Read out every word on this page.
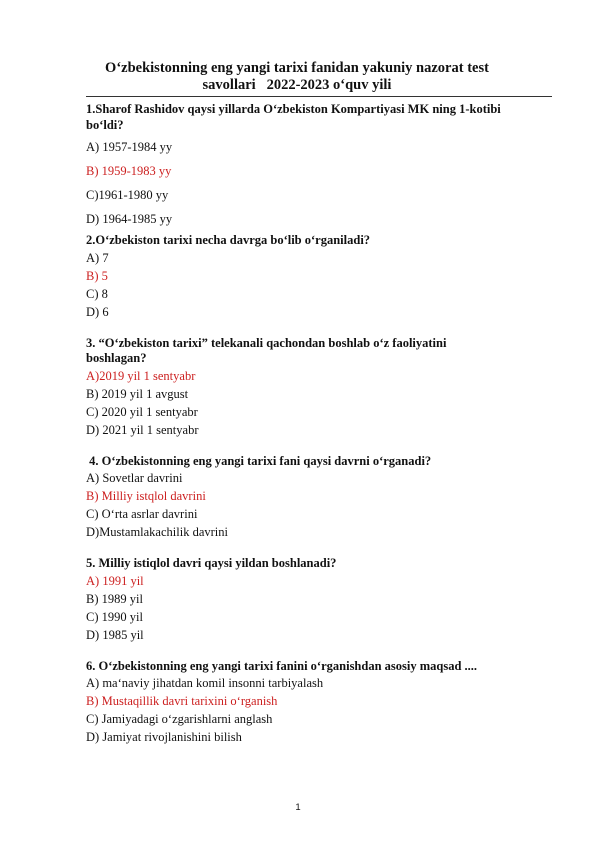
O‘zbekistonning eng yangi tarixi fanidan yakuniy nazorat test
savollari   2022-2023 o‘quv yili
1.Sharof Rashidov qaysi yillarda O‘zbekiston Kompartiyasi MK ning 1-kotibi
bo‘ldi?
A) 1957-1984 yy
B) 1959-1983 yy
C)1961-1980 yy
D) 1964-1985 yy
2.O‘zbekiston tarixi necha davrga bo‘lib o‘rganiladi?
A) 7
B) 5
C) 8
D) 6
3. “O‘zbekiston tarixi” telekanali qachondan boshlab o‘z faoliyatini
boshlagan?
A)2019 yil 1 sentyabr
B) 2019 yil 1 avgust
C) 2020 yil 1 sentyabr
D) 2021 yil 1 sentyabr
4. O‘zbekistonning eng yangi tarixi fani qaysi davrni o‘rganadi?
A) Sovetlar davrini
B) Milliy istqlol davrini
C) O‘rta asrlar davrini
D)Mustamlakachilik davrini
5. Milliy istiqlol davri qaysi yildan boshlanadi?
A) 1991 yil
B) 1989 yil
C) 1990 yil
D) 1985 yil
6. O‘zbekistonning eng yangi tarixi fanini o‘rganishdan asosiy maqsad ....
A) ma‘naviy jihatdan komil insonni tarbiyalash
B) Mustaqillik davri tarixini o‘rganish
C) Jamiyadagi o‘zgarishlarni anglash
D) Jamiyat rivojlanishini bilish
1
